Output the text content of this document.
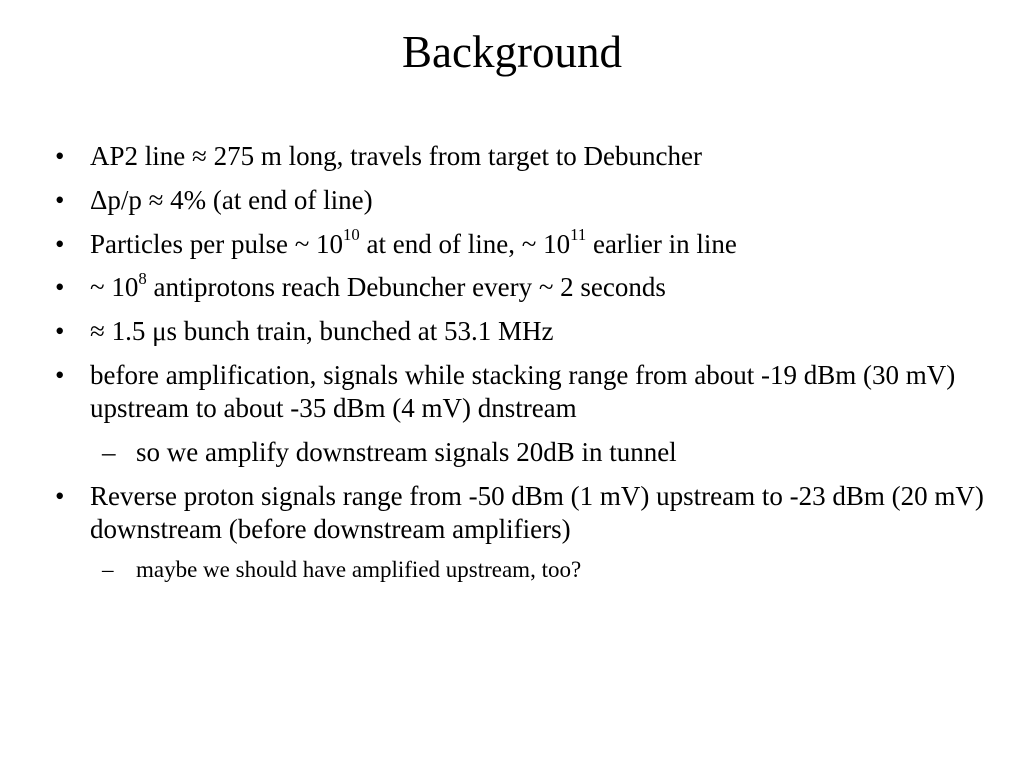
Background
• AP2 line ≈ 275 m long, travels from target to Debuncher
• Δp/p ≈ 4% (at end of line)
• Particles per pulse ~ $10^{10}$ at end of line, ~ $10^{11}$ earlier in line
• ~ $10^8$ antiprotons reach Debuncher every ~ 2 seconds
• ≈ 1.5 μs bunch train, bunched at 53.1 MHz
• before amplification, signals while stacking range from about -19 dBm (30 mV) upstream to about -35 dBm (4 mV) dnstream
– so we amplify downstream signals 20dB in tunnel
• Reverse proton signals range from -50 dBm (1 mV) upstream to -23 dBm (20 mV) downstream (before downstream amplifiers)
– maybe we should have amplified upstream, too?
